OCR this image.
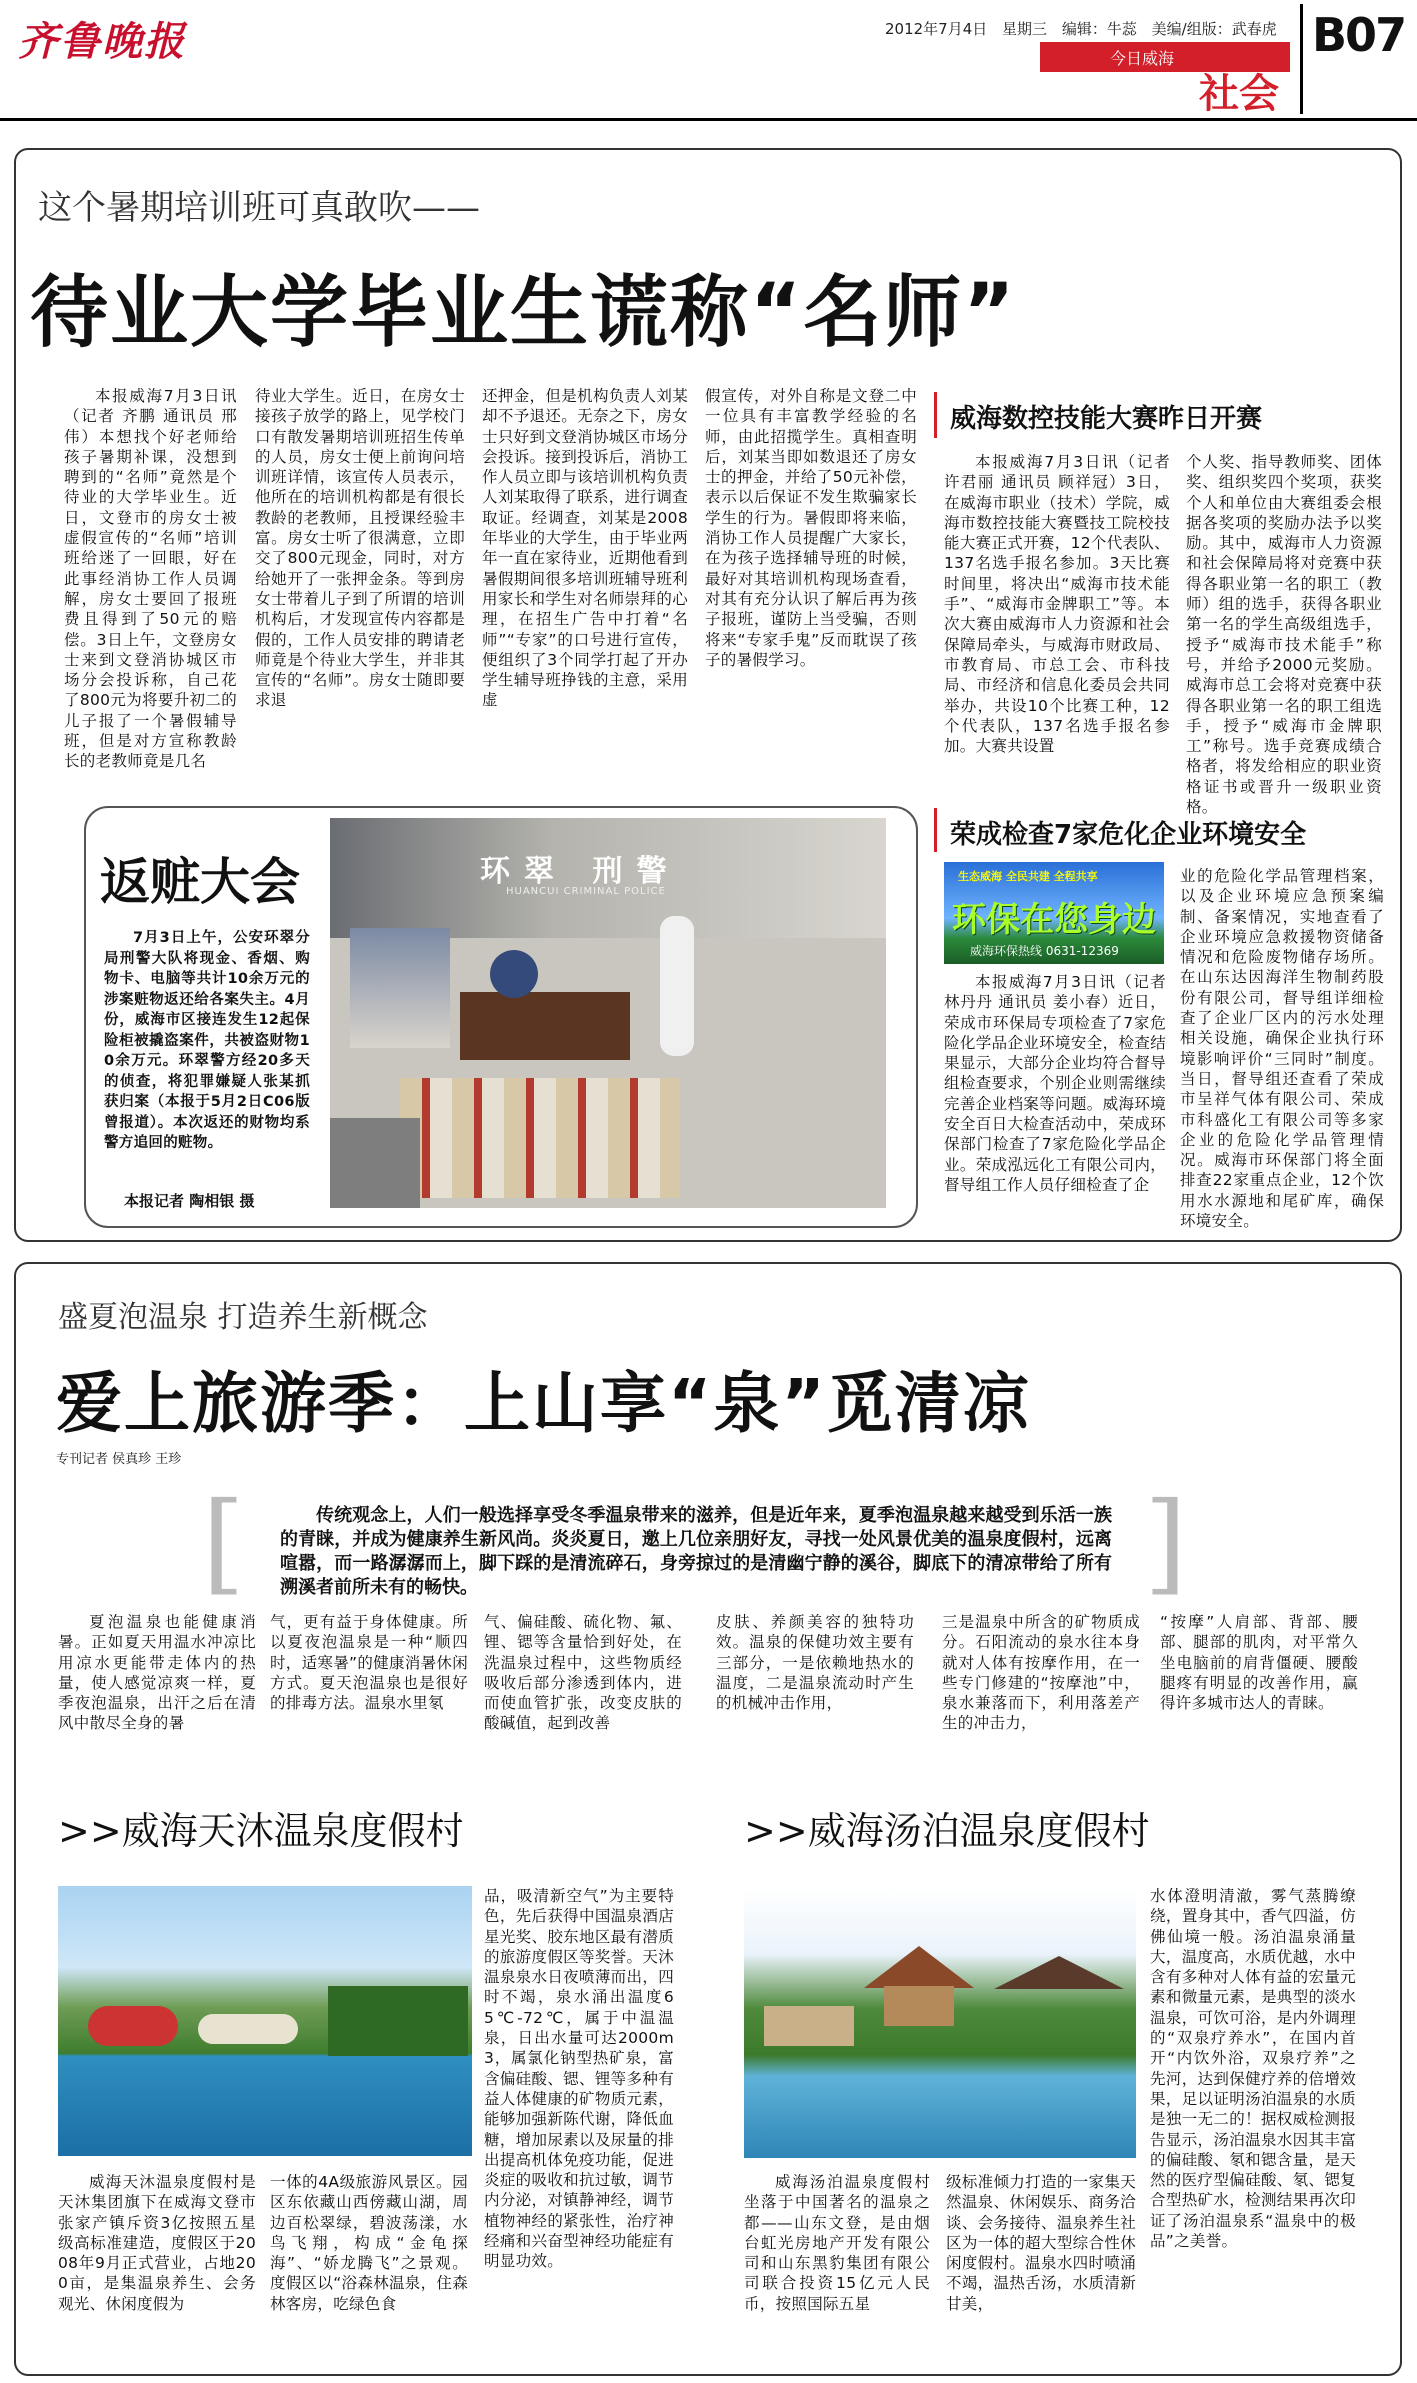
齐鲁晚报	2012年7月4日 星期三 编辑：牛蕊 美编/组版：武春虎
今日威海
社会
B07
这个暑期培训班可真敢吹——
待业大学毕业生谎称“名师”

本报威海7月3日讯（记者 齐鹏 通讯员 邢伟）本想找个好老师给孩子暑期补课，没想到聘到的“名师”竟然是个待业的大学毕业生。近日，文登市的房女士被虚假宣传的“名师”培训班给迷了一回眼，好在此事经消协工作人员调解，房女士要回了报班费且得到了50元的赔偿。3日上午，文登房女士来到文登消协城区市场分会投诉称，自己花了800元为将要升初二的儿子报了一个暑假辅导班，但是对方宣称教龄长的老教师竟是几名

待业大学生。近日，在房女士接孩子放学的路上，见学校门口有散发暑期培训班招生传单的人员，房女士便上前询问培训班详情，该宣传人员表示，他所在的培训机构都是有很长教龄的老教师，且授课经验丰富。房女士听了很满意，立即交了800元现金，同时，对方给她开了一张押金条。等到房女士带着儿子到了所谓的培训机构后，才发现宣传内容都是假的，工作人员安排的聘请老师竟是个待业大学生，并非其宣传的“名师”。房女士随即要求退

还押金，但是机构负责人刘某却不予退还。无奈之下，房女士只好到文登消协城区市场分会投诉。接到投诉后，消协工作人员立即与该培训机构负责人刘某取得了联系，进行调查取证。经调查，刘某是2008年毕业的大学生，由于毕业两年一直在家待业，近期他看到暑假期间很多培训班辅导班利用家长和学生对名师崇拜的心理，在招生广告中打着“名师”“专家”的口号进行宣传，便组织了3个同学打起了开办学生辅导班挣钱的主意，采用虚

假宣传，对外自称是文登二中一位具有丰富教学经验的名师，由此招揽学生。真相查明后，刘某当即如数退还了房女士的押金，并给了50元补偿，表示以后保证不发生欺骗家长学生的行为。暑假即将来临，消协工作人员提醒广大家长，在为孩子选择辅导班的时候，最好对其培训机构现场查看，对其有充分认识了解后再为孩子报班，谨防上当受骗，否则将来“专家手鬼”反而耽误了孩子的暑假学习。

威海数控技能大赛昨日开赛

本报威海7月3日讯（记者 许君丽 通讯员 顾祥冠）3日，在威海市职业（技术）学院，威海市数控技能大赛暨技工院校技能大赛正式开赛，12个代表队、137名选手报名参加。3天比赛时间里，将决出“威海市技术能手”、“威海市金牌职工”等。本次大赛由威海市人力资源和社会保障局牵头，与威海市财政局、市教育局、市总工会、市科技局、市经济和信息化委员会共同举办，共设10个比赛工种，12个代表队，137名选手报名参加。大赛共设置

个人奖、指导教师奖、团体奖、组织奖四个奖项，获奖个人和单位由大赛组委会根据各奖项的奖励办法予以奖励。其中，威海市人力资源和社会保障局将对竞赛中获得各职业第一名的职工（教师）组的选手，获得各职业第一名的学生高级组选手，授予“威海市技术能手”称号，并给予2000元奖励。威海市总工会将对竞赛中获得各职业第一名的职工组选手，授予“威海市金牌职工”称号。选手竞赛成绩合格者，将发给相应的职业资格证书或晋升一级职业资格。

荣成检查7家危化企业环境安全
生态威海 全民共建 全程共享
环保在您身边
威海环保热线 0631-12369

业的危险化学品管理档案，以及企业环境应急预案编制、备案情况，实地查看了企业环境应急救援物资储备情况和危险废物储存场所。在山东达因海洋生物制药股份有限公司，督导组详细检查了企业厂区内的污水处理相关设施，确保企业执行环境影响评价“三同时”制度。当日，督导组还查看了荣成市呈祥气体有限公司、荣成市科盛化工有限公司等多家企业的危险化学品管理情况。威海市环保部门将全面排查22家重点企业，12个饮用水水源地和尾矿库，确保环境安全。

本报威海7月3日讯（记者 林丹丹 通讯员 姜小春）近日，荣成市环保局专项检查了7家危险化学品企业环境安全，检查结果显示，大部分企业均符合督导组检查要求，个别企业则需继续完善企业档案等问题。威海环境安全百日大检查活动中，荣成环保部门检查了7家危险化学品企业。荣成泓远化工有限公司内，督导组工作人员仔细检查了企

返赃大会	环翠 刑警
HUANCUI CRIMINAL POLICE

7月3日上午，公安环翠分局刑警大队将现金、香烟、购物卡、电脑等共计10余万元的涉案赃物返还给各案失主。4月份，威海市区接连发生12起保险柜被撬盗案件，共被盗财物10余万元。环翠警方经20多天的侦查，将犯罪嫌疑人张某抓获归案（本报于5月2日C06版曾报道）。本次返还的财物均系警方追回的赃物。

本报记者 陶相银 摄
盛夏泡温泉 打造养生新概念
爱上旅游季：上山享“泉”觅清凉
专刊记者 侯真珍 王珍
[	]

传统观念上，人们一般选择享受冬季温泉带来的滋养，但是近年来，夏季泡温泉越来越受到乐活一族的青睐，并成为健康养生新风尚。炎炎夏日，邀上几位亲朋好友，寻找一处风景优美的温泉度假村，远离喧嚣，而一路潺潺而上，脚下踩的是清流碎石，身旁掠过的是清幽宁静的溪谷，脚底下的清凉带给了所有溯溪者前所未有的畅快。

夏泡温泉也能健康消暑。正如夏天用温水冲凉比用凉水更能带走体内的热量，使人感觉凉爽一样，夏季夜泡温泉，出汗之后在清风中散尽全身的暑

气，更有益于身体健康。所以夏夜泡温泉是一种“顺四时，适寒暑”的健康消暑休闲方式。夏天泡温泉也是很好的排毒方法。温泉水里氡

气、偏硅酸、硫化物、氟、锂、锶等含量恰到好处，在洗温泉过程中，这些物质经吸收后部分渗透到体内，进而使血管扩张，改变皮肤的酸碱值，起到改善

皮肤、养颜美容的独特功效。温泉的保健功效主要有三部分，一是依赖地热水的温度，二是温泉流动时产生的机械冲击作用，

三是温泉中所含的矿物质成分。石阳流动的泉水往本身就对人体有按摩作用，在一些专门修建的“按摩池”中，泉水兼落而下，利用落差产生的冲击力，

“按摩”人肩部、背部、腰部、腿部的肌肉，对平常久坐电脑前的肩背僵硬、腰酸腿疼有明显的改善作用，赢得许多城市达人的青睐。

>>威海天沐温泉度假村

品，吸清新空气”为主要特色，先后获得中国温泉酒店星光奖、胶东地区最有潜质的旅游度假区等奖誉。天沐温泉泉水日夜喷薄而出，四时不竭，泉水涌出温度65℃-72℃，属于中温温泉，日出水量可达2000m3，属氯化钠型热矿泉，富含偏硅酸、锶、锂等多种有益人体健康的矿物质元素，能够加强新陈代谢，降低血糖，增加尿素以及尿量的排出提高机体免疫功能，促进炎症的吸收和抗过敏，调节内分泌，对镇静神经，调节植物神经的紧张性，治疗神经痛和兴奋型神经功能症有明显功效。

威海天沐温泉度假村是天沐集团旗下在威海文登市张家产镇斥资3亿按照五星级高标准建造，度假区于2008年9月正式营业，占地200亩，是集温泉养生、会务观光、休闲度假为

一体的4A级旅游风景区。园区东依藏山西傍藏山湖，周边百松翠绿，碧波荡漾，水鸟飞翔，构成“金龟探海”、“娇龙腾飞”之景观。度假区以“浴森林温泉，住森林客房，吃绿色食

>>威海汤泊温泉度假村

水体澄明清澈，雾气蒸腾缭绕，置身其中，香气四溢，仿佛仙境一般。汤泊温泉涌量大，温度高，水质优越，水中含有多种对人体有益的宏量元素和微量元素，是典型的淡水温泉，可饮可浴，是内外调理的“双泉疗养水”，在国内首开“内饮外浴，双泉疗养”之先河，达到保健疗养的倍增效果，足以证明汤泊温泉的水质是独一无二的！据权威检测报告显示，汤泊温泉水因其丰富的偏硅酸、氡和锶含量，是天然的医疗型偏硅酸、氡、锶复合型热矿水，检测结果再次印证了汤泊温泉系“温泉中的极品”之美誉。

威海汤泊温泉度假村坐落于中国著名的温泉之都——山东文登，是由烟台虹光房地产开发有限公司和山东黑豹集团有限公司联合投资15亿元人民币，按照国际五星

级标准倾力打造的一家集天然温泉、休闲娱乐、商务洽谈、会务接待、温泉养生社区为一体的超大型综合性休闲度假村。温泉水四时喷涌不竭，温热舌汤，水质清新甘美，
